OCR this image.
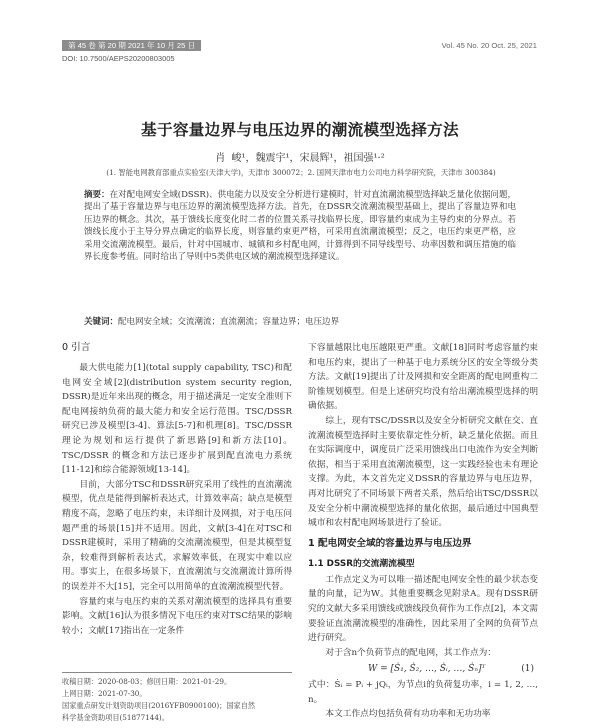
第 45 卷 第 20 期 2021 年 10 月 25 日	Vol. 45 No. 20 Oct. 25, 2021
DOI: 10.7500/AEPS20200803005
基于容量边界与电压边界的潮流模型选择方法
肖 峻¹，魏震宇¹，宋晨辉¹，祖国强¹·²
(1. 智能电网教育部重点实验室(天津大学)，天津市 300072；2. 国网天津市电力公司电力科学研究院，天津市 300384)
摘要：在对配电网安全域(DSSR)、供电能力以及安全分析进行建模时，针对直流潮流模型选择缺乏量化依据问题，提出了基于容量边界与电压边界的潮流模型选择方法。首先，在DSSR交流潮流模型基础上，提出了容量边界和电压边界的概念。其次，基于馈线长度变化时二者的位置关系寻找临界长度，即容量约束成为主导约束的分界点。若馈线长度小于主导分界点确定的临界长度，则容量约束更严格，可采用直流潮流模型；反之，电压约束更严格，应采用交流潮流模型。最后，针对中国城市、城镇和乡村配电网，计算得到不同导线型号、功率因数和调压措施的临界长度参考值。同时给出了导则中5类供电区域的潮流模型选择建议。
关键词：配电网安全域；交流潮流；直流潮流；容量边界；电压边界
0 引言

最大供电能力[1](total supply capability, TSC)和配电网安全域[2](distribution system security region, DSSR)是近年来出现的概念，用于描述满足一定安全准则下配电网接纳负荷的最大能力和安全运行范围。TSC/DSSR 研究已涉及模型[3-4]、算法[5-7]和机理[8]。TSC/DSSR 理论为规划和运行提供了新思路[9]和新方法[10]。TSC/DSSR 的概念和方法已逐步扩展到配直流电力系统[11-12]和综合能源领域[13-14]。

目前，大部分TSC和DSSR研究采用了线性的直流潮流模型，优点是能得到解析表达式，计算效率高；缺点是模型精度不高，忽略了电压约束，未详细计及网损，对于电压问题严重的场景[15]并不适用。因此，文献[3-4]在对TSC和DSSR建模时，采用了精确的交流潮流模型，但是其模型复杂，较难得到解析表达式，求解效率低，在现实中难以应用。事实上，在很多场景下，直流潮流与交流潮流计算所得的误差并不大[15]，完全可以用简单的直流潮流模型代替。

容量约束与电压约束的关系对潮流模型的选择具有重要影响。文献[16]认为很多情况下电压约束对TSC结果的影响较小；文献[17]指出在一定条件

下容量越限比电压越限更严重。文献[18]同时考虑容量约束和电压约束，提出了一种基于电力系统分区的安全等级分类方法。文献[19]提出了计及网损和安全距离的配电网重构二阶锥规划模型。但是上述研究均没有给出潮流模型选择的明确依据。

综上，现有TSC/DSSR以及安全分析研究文献在交、直流潮流模型选择时主要依靠定性分析，缺乏量化依据。而且在实际调度中，调度员广泛采用馈线出口电流作为安全判断依据，相当于采用直流潮流模型，这一实践经验也未有理论支撑。为此，本文首先定义DSSR的容量边界与电压边界，再对比研究了不同场景下两者关系，然后给出TSC/DSSR以及安全分析中潮流模型选择的量化依据，最后通过中国典型城市和农村配电网场景进行了验证。

1 配电网安全域的容量边界与电压边界
1.1 DSSR的交流潮流模型

工作点定义为可以唯一描述配电网安全性的最少状态变量的向量，记为W。其他重要概念见附录A。现有DSSR研究的文献大多采用馈线或馈线段负荷作为工作点[2]，本文需要验证直流潮流模型的准确性，因此采用了全网的负荷节点进行研究。

对于含n个负荷节点的配电网，其工作点为：

W = [Ṡ₁, Ṡ₂, …, Ṡᵢ, …, Ṡₙ]ᵀ	(1)

式中：Ṡᵢ = Pᵢ + jQᵢ，为节点i的负荷复功率，i = 1, 2, …, n。

本文工作点均包括负荷有功功率和无功功率

收稿日期：2020-08-03；修回日期：2021-01-29。
上网日期：2021-07-30。
国家重点研发计划资助项目(2016YFB0900100)；国家自然
科学基金资助项目(51877144)。
